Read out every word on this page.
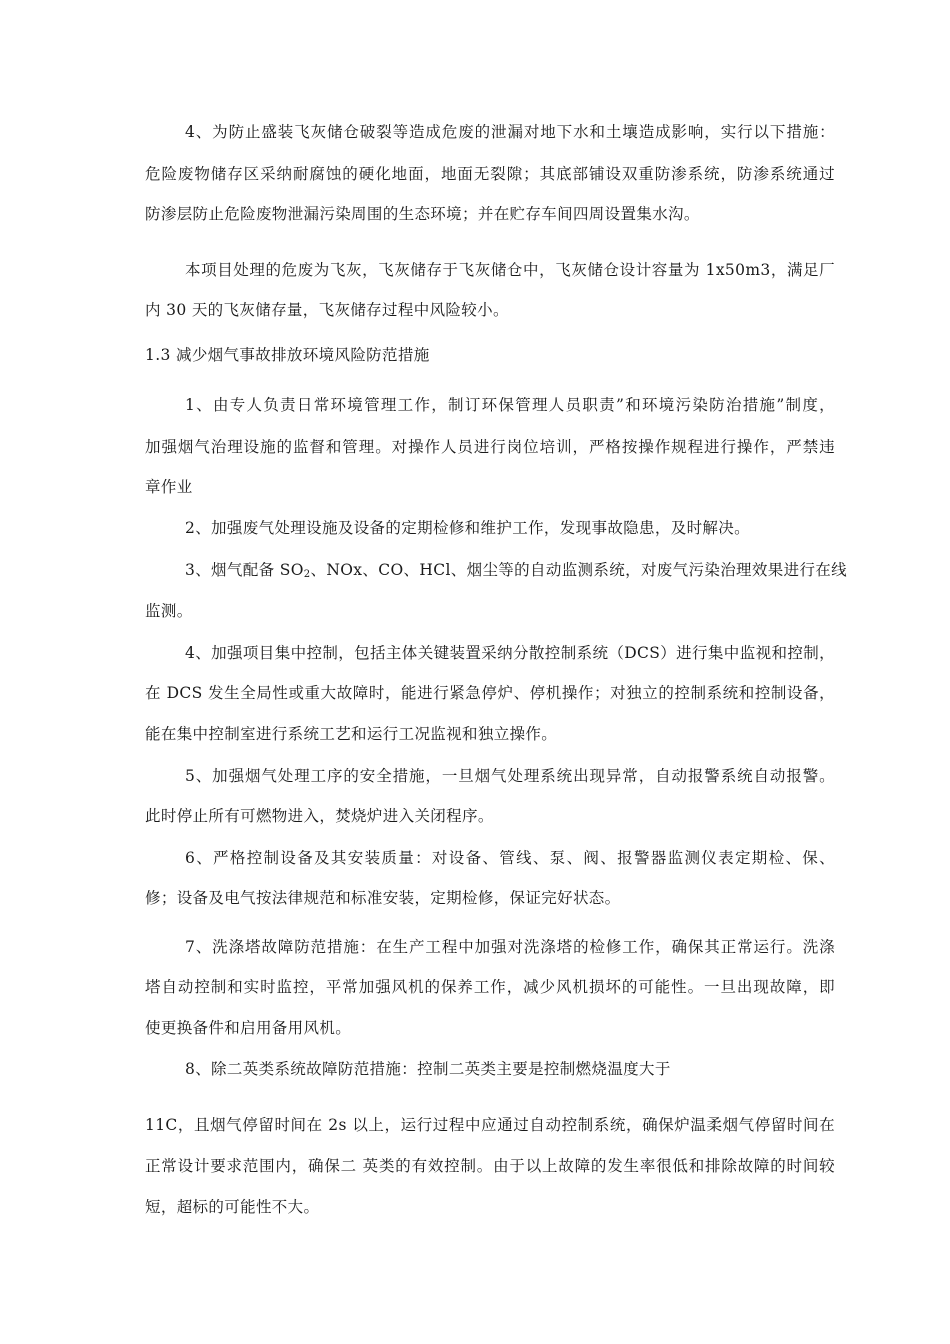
4、为防止盛装飞灰储仓破裂等造成危废的泄漏对地下水和土壤造成影响，实行以下措施：
危险废物储存区采纳耐腐蚀的硬化地面，地面无裂隙；其底部铺设双重防渗系统，防渗系统通过
防渗层防止危险废物泄漏污染周围的生态环境；并在贮存车间四周设置集水沟。
本项目处理的危废为飞灰，飞灰储存于飞灰储仓中，飞灰储仓设计容量为 1x50m3，满足厂
内 30 天的飞灰储存量，飞灰储存过程中风险较小。
1.3 减少烟气事故排放环境风险防范措施
1、由专人负责日常环境管理工作，制订环保管理人员职责”和环境污染防治措施”制度，
加强烟气治理设施的监督和管理。对操作人员进行岗位培训，严格按操作规程进行操作，严禁违
章作业
2、加强废气处理设施及设备的定期检修和维护工作，发现事故隐患，及时解决。
3、烟气配备 $SO_2$、NOx、CO、HCl、烟尘等的自动监测系统，对废气污染治理效果进行在线
监测。
4、加强项目集中控制，包括主体关键装置采纳分散控制系统（DCS）进行集中监视和控制，
在 DCS 发生全局性或重大故障时，能进行紧急停炉、停机操作；对独立的控制系统和控制设备，
能在集中控制室进行系统工艺和运行工况监视和独立操作。
5、加强烟气处理工序的安全措施，一旦烟气处理系统出现异常，自动报警系统自动报警。
此时停止所有可燃物进入，焚烧炉进入关闭程序。
6、严格控制设备及其安装质量：对设备、管线、泵、阀、报警器监测仪表定期检、保、
修；设备及电气按法律规范和标准安装，定期检修，保证完好状态。
7、洗涤塔故障防范措施：在生产工程中加强对洗涤塔的检修工作，确保其正常运行。洗涤
塔自动控制和实时监控，平常加强风机的保养工作，减少风机损坏的可能性。一旦出现故障，即
使更换备件和启用备用风机。
8、除二英类系统故障防范措施：控制二英类主要是控制燃烧温度大于
11C，且烟气停留时间在 2s 以上，运行过程中应通过自动控制系统，确保炉温柔烟气停留时间在
正常设计要求范围内，确保二 英类的有效控制。由于以上故障的发生率很低和排除故障的时间较
短，超标的可能性不大。
